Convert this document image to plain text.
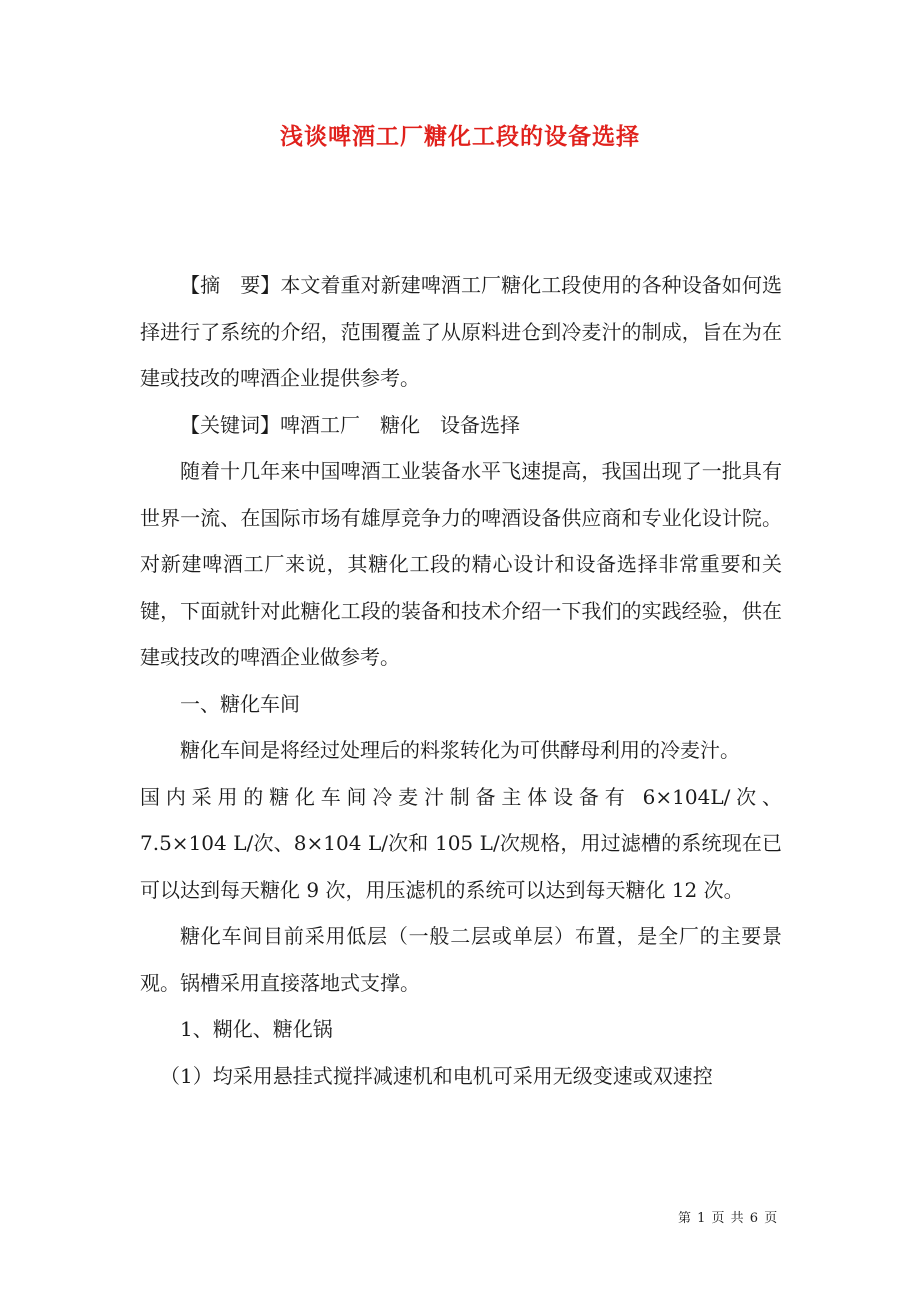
浅谈啤酒工厂糖化工段的设备选择

【摘　要】本文着重对新建啤酒工厂糖化工段使用的各种设备如何选择进行了系统的介绍，范围覆盖了从原料进仓到冷麦汁的制成，旨在为在建或技改的啤酒企业提供参考。

【关键词】啤酒工厂　糖化　设备选择

随着十几年来中国啤酒工业装备水平飞速提高，我国出现了一批具有世界一流、在国际市场有雄厚竞争力的啤酒设备供应商和专业化设计院。对新建啤酒工厂来说，其糖化工段的精心设计和设备选择非常重要和关键，下面就针对此糖化工段的装备和技术介绍一下我们的实践经验，供在建或技改的啤酒企业做参考。

一、糖化车间

糖化车间是将经过处理后的料浆转化为可供酵母利用的冷麦汁。

国内采用的糖化车间冷麦汁制备主体设备有 6×104L/次、

7.5×104 L/次、8×104 L/次和 105 L/次规格，用过滤槽的系统现在已可以达到每天糖化 9 次，用压滤机的系统可以达到每天糖化 12 次。

糖化车间目前采用低层（一般二层或单层）布置，是全厂的主要景观。锅槽采用直接落地式支撑。

1、糊化、糖化锅

（1）均采用悬挂式搅拌减速机和电机可采用无级变速或双速控

第 1 页 共 6 页
